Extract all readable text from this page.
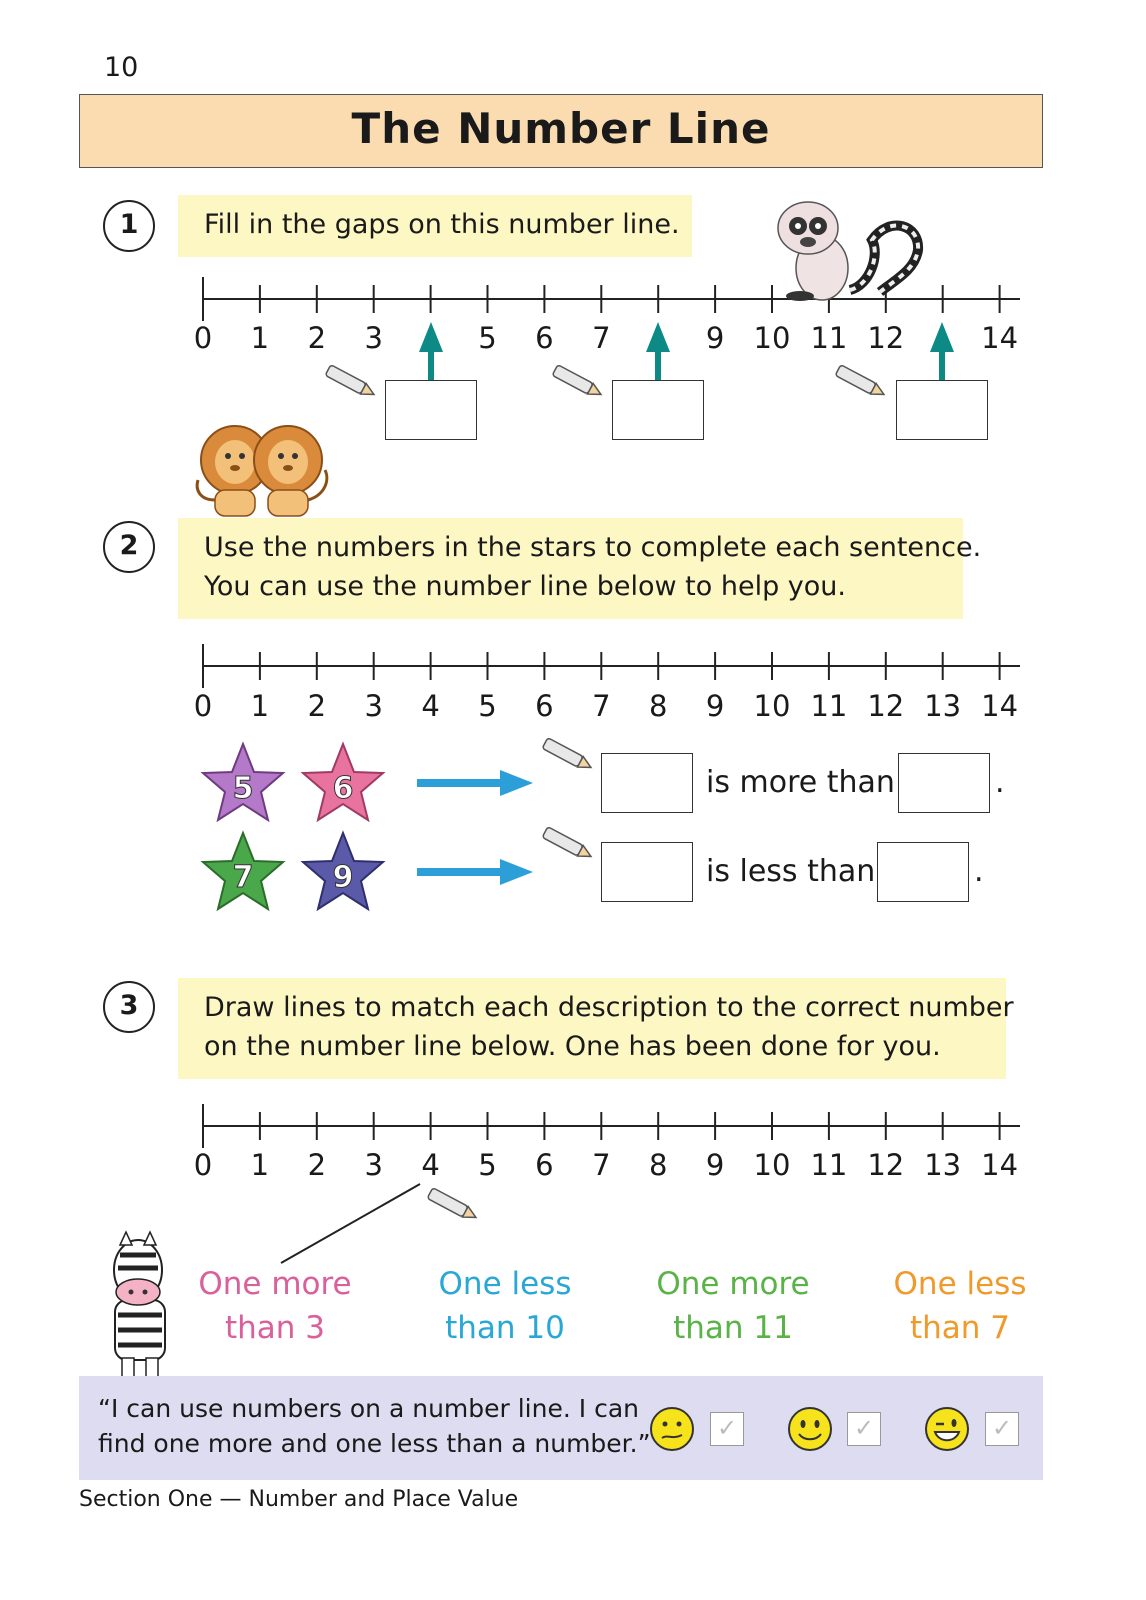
10
The Number Line
1	Fill in the gaps on this number line.
2	Use the numbers in the stars to complete each sentence.
You can use the number line below to help you.
5	6
7	9
is more than	.
is less than	.
3	Draw lines to match each description to the correct number
on the number line below. One has been done for you.
One more
than 3
One less
than 10
One more
than 11
One less
than 7
“I can use numbers on a number line. I can
find one more and one less than a number.”
✓	✓	✓
Section One — Number and Place Value
0 1 2 3	5 6 7	9 10 11 12	14
0 1 2 3 4 5 6 7 8 9 10 11 12 13 14
0 1 2 3 4 5 6 7 8 9 10 11 12 13 14
